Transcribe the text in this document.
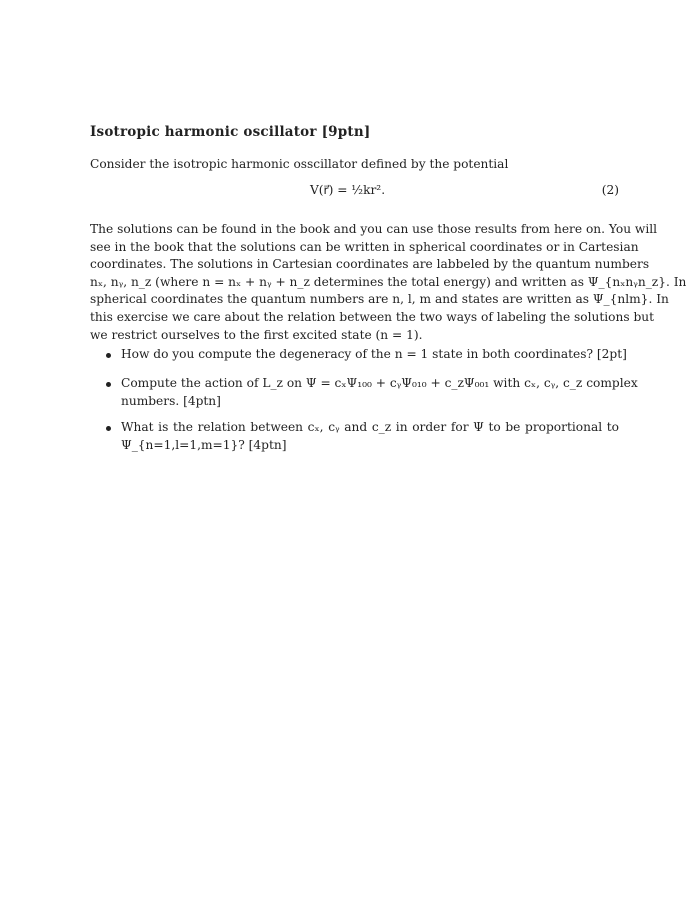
Isotropic harmonic oscillator [9ptn]
Consider the isotropic harmonic osscillator defined by the potential
V(r⃗) = ½kr².	(2)
The solutions can be found in the book and you can use those results from here on. You will
see in the book that the solutions can be written in spherical coordinates or in Cartesian
coordinates. The solutions in Cartesian coordinates are labbeled by the quantum numbers
nₓ, nᵧ, n_z (where n = nₓ + nᵧ + n_z determines the total energy) and written as Ψ_{nₓnᵧn_z}. In
spherical coordinates the quantum numbers are n, l, m and states are written as Ψ_{nlm}. In
this exercise we care about the relation between the two ways of labeling the solutions but
we restrict ourselves to the first excited state (n = 1).
How do you compute the degeneracy of the n = 1 state in both coordinates? [2pt]
Compute the action of L_z on Ψ = cₓΨ₁₀₀ + cᵧΨ₀₁₀ + c_zΨ₀₀₁ with cₓ, cᵧ, c_z complex
numbers. [4ptn]
What is the relation between cₓ, cᵧ and c_z in order for Ψ to be proportional to
Ψ_{n=1,l=1,m=1}? [4ptn]
